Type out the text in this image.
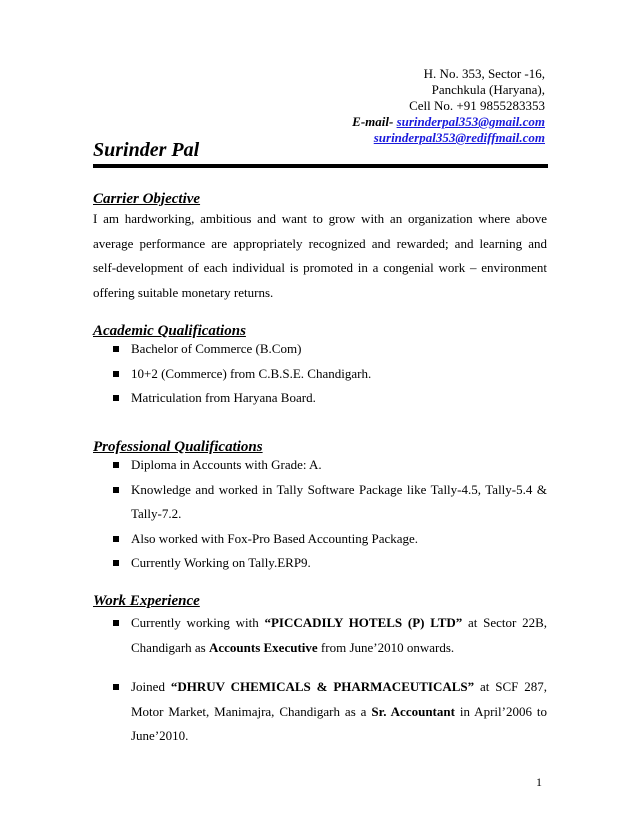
H. No. 353, Sector -16,
Panchkula (Haryana),
Cell No. +91 9855283353
E-mail- surinderpal353@gmail.com
surinderpal353@rediffmail.com
Surinder Pal
Carrier Objective
I am hardworking, ambitious and want to grow with an organization where above average performance are appropriately recognized and rewarded; and learning and self-development of each individual is promoted in a congenial work – environment offering suitable monetary returns.
Academic Qualifications
Bachelor of Commerce (B.Com)
10+2 (Commerce) from C.B.S.E. Chandigarh.
Matriculation from Haryana Board.
Professional Qualifications
Diploma in Accounts with Grade: A.
Knowledge and worked in Tally Software Package like Tally-4.5, Tally-5.4 & Tally-7.2.
Also worked with Fox-Pro Based Accounting Package.
Currently Working on Tally.ERP9.
Work Experience
Currently working with “PICCADILY HOTELS (P) LTD” at Sector 22B, Chandigarh as Accounts Executive from June’2010 onwards.
Joined “DHRUV CHEMICALS & PHARMACEUTICALS” at SCF 287, Motor Market, Manimajra, Chandigarh as a Sr. Accountant in April’2006 to June’2010.
1
